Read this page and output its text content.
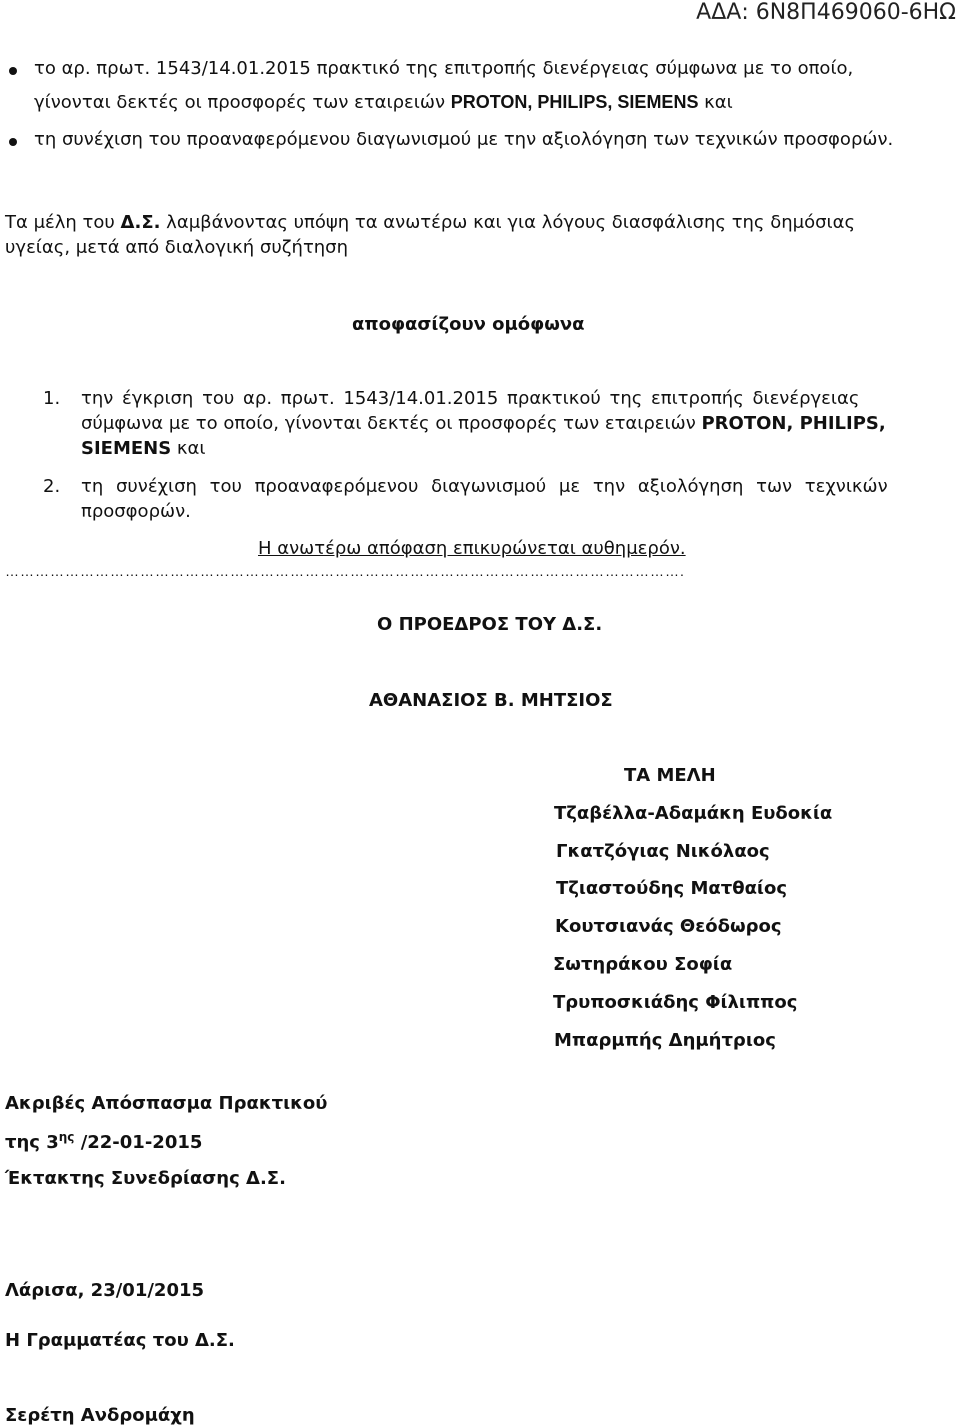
ΑΔΑ: 6Ν8Π469060-6ΗΩ
το αρ. πρωτ. 1543/14.01.2015 πρακτικό της επιτροπής διενέργειας σύμφωνα με το οποίο,
γίνονται δεκτές οι προσφορές των εταιρειών PROTON, PHILIPS, SIEMENS και
τη συνέχιση του προαναφερόμενου διαγωνισμού με την αξιολόγηση των τεχνικών προσφορών.
Τα μέλη του Δ.Σ. λαμβάνοντας υπόψη τα ανωτέρω και για λόγους διασφάλισης της δημόσιας
υγείας, μετά από διαλογική συζήτηση
αποφασίζουν ομόφωνα
1. την έγκριση του αρ. πρωτ. 1543/14.01.2015 πρακτικού της επιτροπής διενέργειας
σύμφωνα με το οποίο, γίνονται δεκτές οι προσφορές των εταιρειών PROTON, PHILIPS,
SIEMENS και
2. τη συνέχιση του προαναφερόμενου διαγωνισμού με την αξιολόγηση των τεχνικών
προσφορών.
Η ανωτέρω απόφαση επικυρώνεται αυθημερόν.
……………………………………………………………………………………………………………………….
Ο ΠΡΟΕΔΡΟΣ ΤΟΥ Δ.Σ.
ΑΘΑΝΑΣΙΟΣ Β. ΜΗΤΣΙΟΣ
ΤΑ ΜΕΛΗ
Τζαβέλλα-Αδαμάκη Ευδοκία
Γκατζόγιας Νικόλαος
Τζιαστούδης Ματθαίος
Κουτσιανάς Θεόδωρος
Σωτηράκου Σοφία
Τρυποσκιάδης Φίλιππος
Μπαρμπής Δημήτριος
Ακριβές Απόσπασμα Πρακτικού
της $3^{\eta\varsigma}$ /22-01-2015
Έκτακτης Συνεδρίασης Δ.Σ.
Λάρισα, 23/01/2015
Η Γραμματέας του Δ.Σ.
Σερέτη Ανδρομάχη
